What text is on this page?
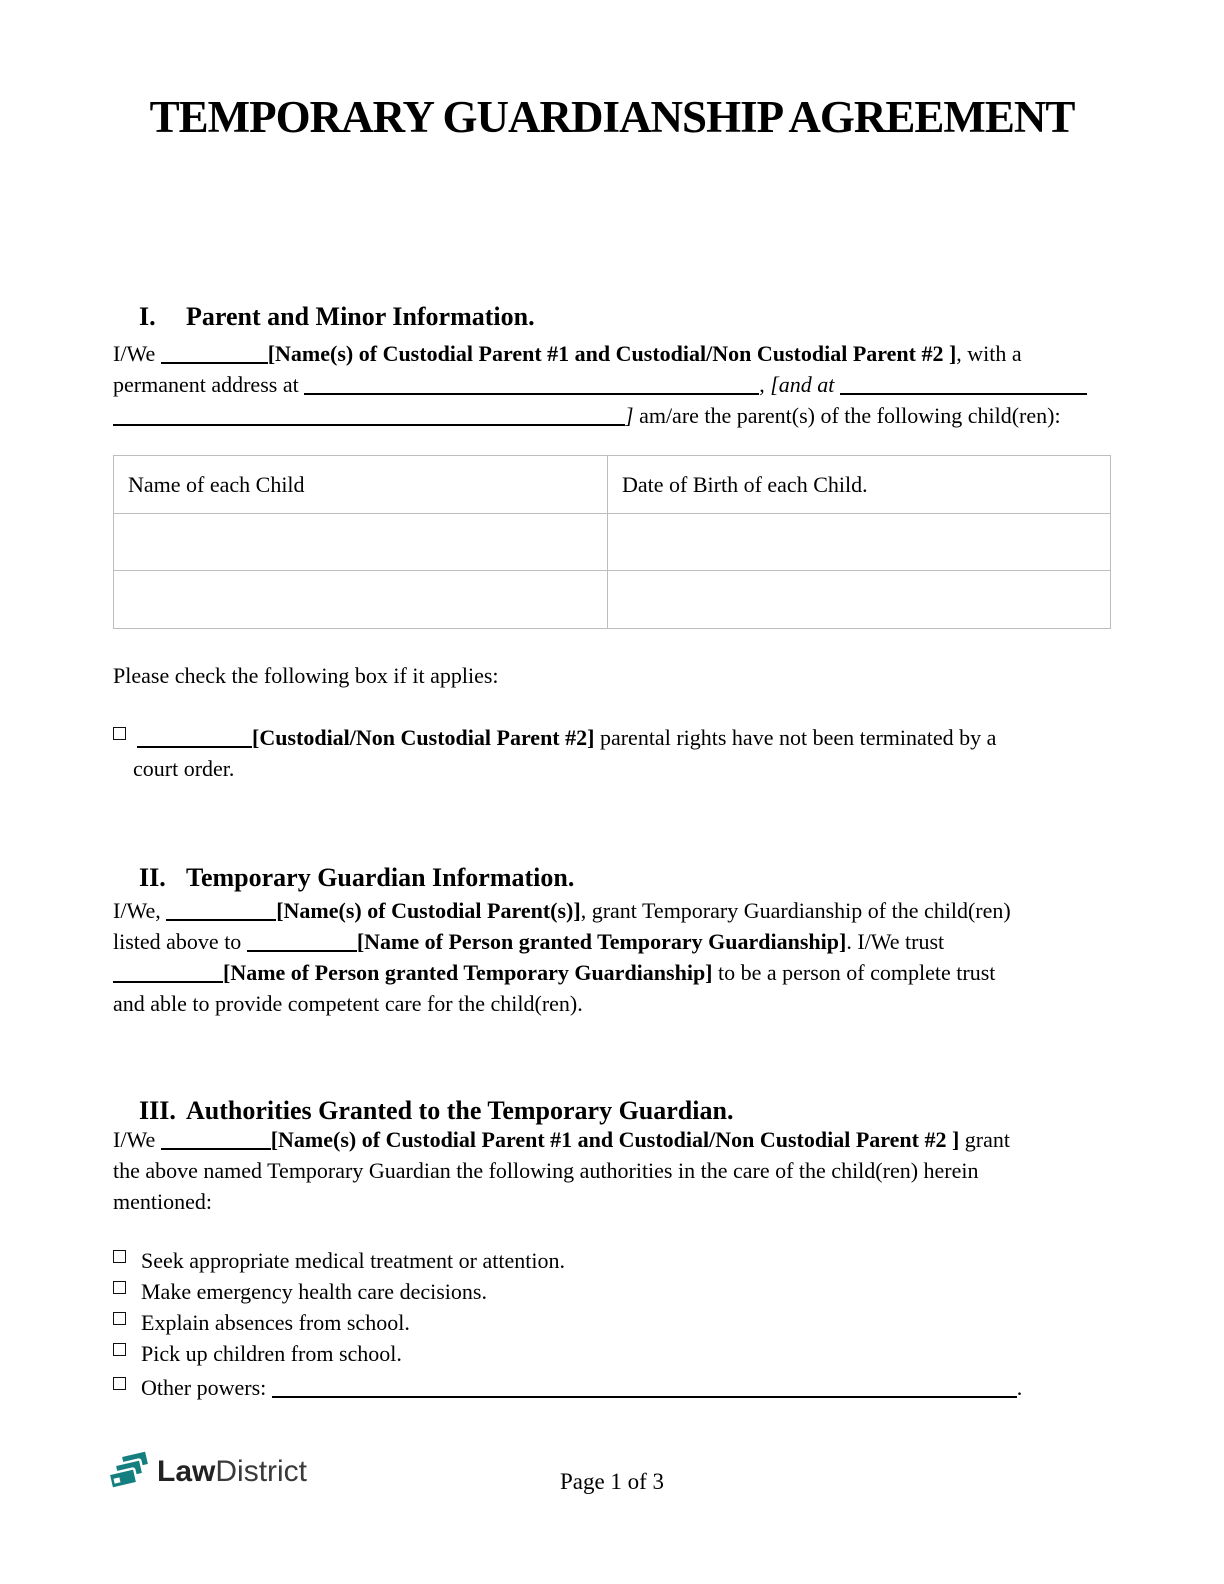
TEMPORARY GUARDIANSHIP AGREEMENT

I. Parent and Minor Information.

I/We	[Name(s) of Custodial Parent #1 and Custodial/Non Custodial Parent #2 ], with a
permanent address at	, [and at
] am/are the parent(s) of the following child(ren):
Name of each Child	Date of Birth of each Child.

Please check the following box if it applies:
[Custodial/Non Custodial Parent #2] parental rights have not been terminated by a
court order.

II. Temporary Guardian Information.

I/We,	[Name(s) of Custodial Parent(s)], grant Temporary Guardianship of the child(ren)
listed above to	[Name of Person granted Temporary Guardianship]. I/We trust
[Name of Person granted Temporary Guardianship] to be a person of complete trust
and able to provide competent care for the child(ren).

III. Authorities Granted to the Temporary Guardian.

I/We	[Name(s) of Custodial Parent #1 and Custodial/Non Custodial Parent #2 ] grant
the above named Temporary Guardian the following authorities in the care of the child(ren) herein
mentioned:
Seek appropriate medical treatment or attention.
Make emergency health care decisions.
Explain absences from school.
Pick up children from school.
Other powers:	.
Law District	Page 1 of 3
